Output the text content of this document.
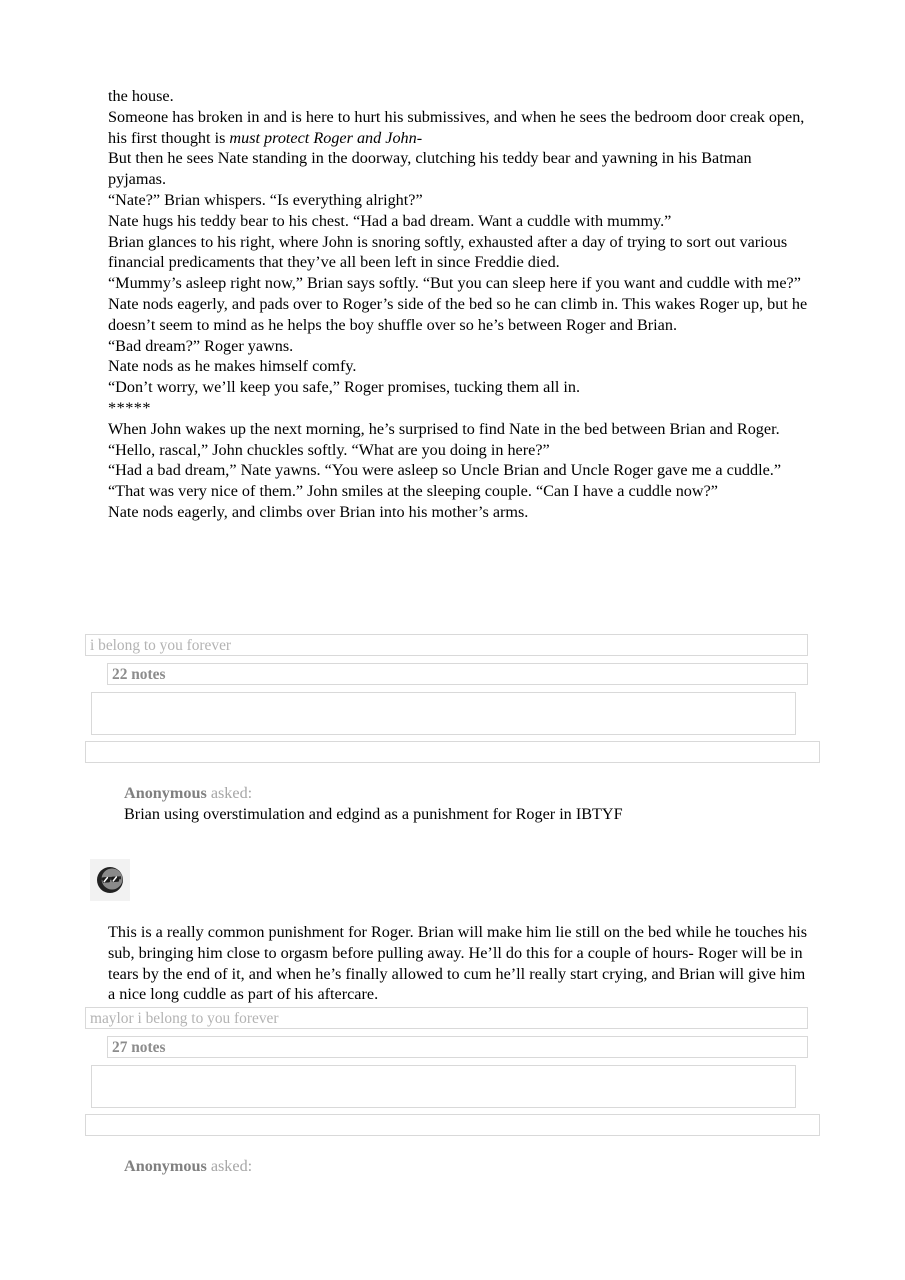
the house.

Someone has broken in and is here to hurt his submissives, and when he sees the bedroom door creak open, his first thought is must protect Roger and John-

But then he sees Nate standing in the doorway, clutching his teddy bear and yawning in his Batman pyjamas.

“Nate?” Brian whispers. “Is everything alright?”

Nate hugs his teddy bear to his chest. “Had a bad dream. Want a cuddle with mummy.”

Brian glances to his right, where John is snoring softly, exhausted after a day of trying to sort out various financial predicaments that they’ve all been left in since Freddie died.

“Mummy’s asleep right now,” Brian says softly. “But you can sleep here if you want and cuddle with me?”

Nate nods eagerly, and pads over to Roger’s side of the bed so he can climb in. This wakes Roger up, but he doesn’t seem to mind as he helps the boy shuffle over so he’s between Roger and Brian.

“Bad dream?” Roger yawns.

Nate nods as he makes himself comfy.

“Don’t worry, we’ll keep you safe,” Roger promises, tucking them all in.

*****

When John wakes up the next morning, he’s surprised to find Nate in the bed between Brian and Roger.

“Hello, rascal,” John chuckles softly. “What are you doing in here?”

“Had a bad dream,” Nate yawns. “You were asleep so Uncle Brian and Uncle Roger gave me a cuddle.”

“That was very nice of them.” John smiles at the sleeping couple. “Can I have a cuddle now?”

Nate nods eagerly, and climbs over Brian into his mother’s arms.

i belong to you forever
22 notes
Anonymous asked:
Brian using overstimulation and edgind as a punishment for Roger in IBTYF

This is a really common punishment for Roger. Brian will make him lie still on the bed while he touches his sub, bringing him close to orgasm before pulling away. He’ll do this for a couple of hours- Roger will be in tears by the end of it, and when he’s finally allowed to cum he’ll really start crying, and Brian will give him a nice long cuddle as part of his aftercare.

maylor i belong to you forever
27 notes
Anonymous asked:
